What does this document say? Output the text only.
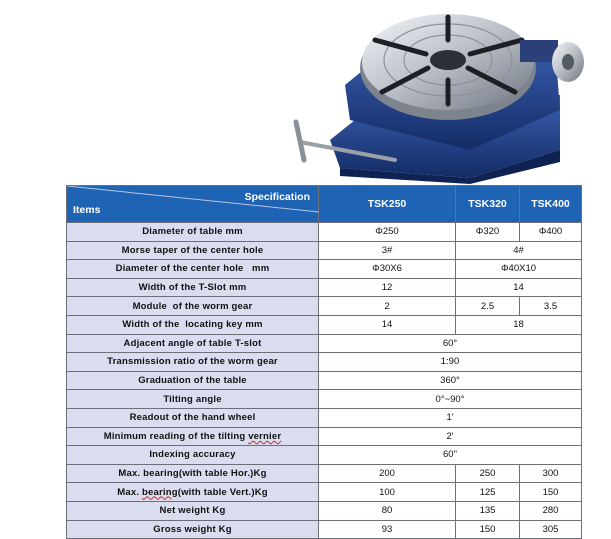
Specification
Items	TSK250	TSK320	TSK400
Diameter of table mm	Φ250	Φ320	Φ400
Morse taper of the center hole	3#	4#	
Diameter of the center hole   mm	Φ30X6	Φ40X10	
Width of the T-Slot mm	12	14	
Module  of the worm gear	2	2.5	3.5
Width of the  locating key mm	14	18	
Adjacent angle of table T-slot	60°		
Transmission ratio of the worm gear	1:90		
Graduation of the table	360°		
Tilting angle	0°~90°		
Readout of the hand wheel	1'		
Minimum reading of the tilting vernier	2'		
Indexing accuracy	60"		
Max. bearing(with table Hor.)Kg	200	250	300
Max. bearing(with table Vert.)Kg	100	125	150
Net weight Kg	80	135	280
Gross weight Kg	93	150	305
